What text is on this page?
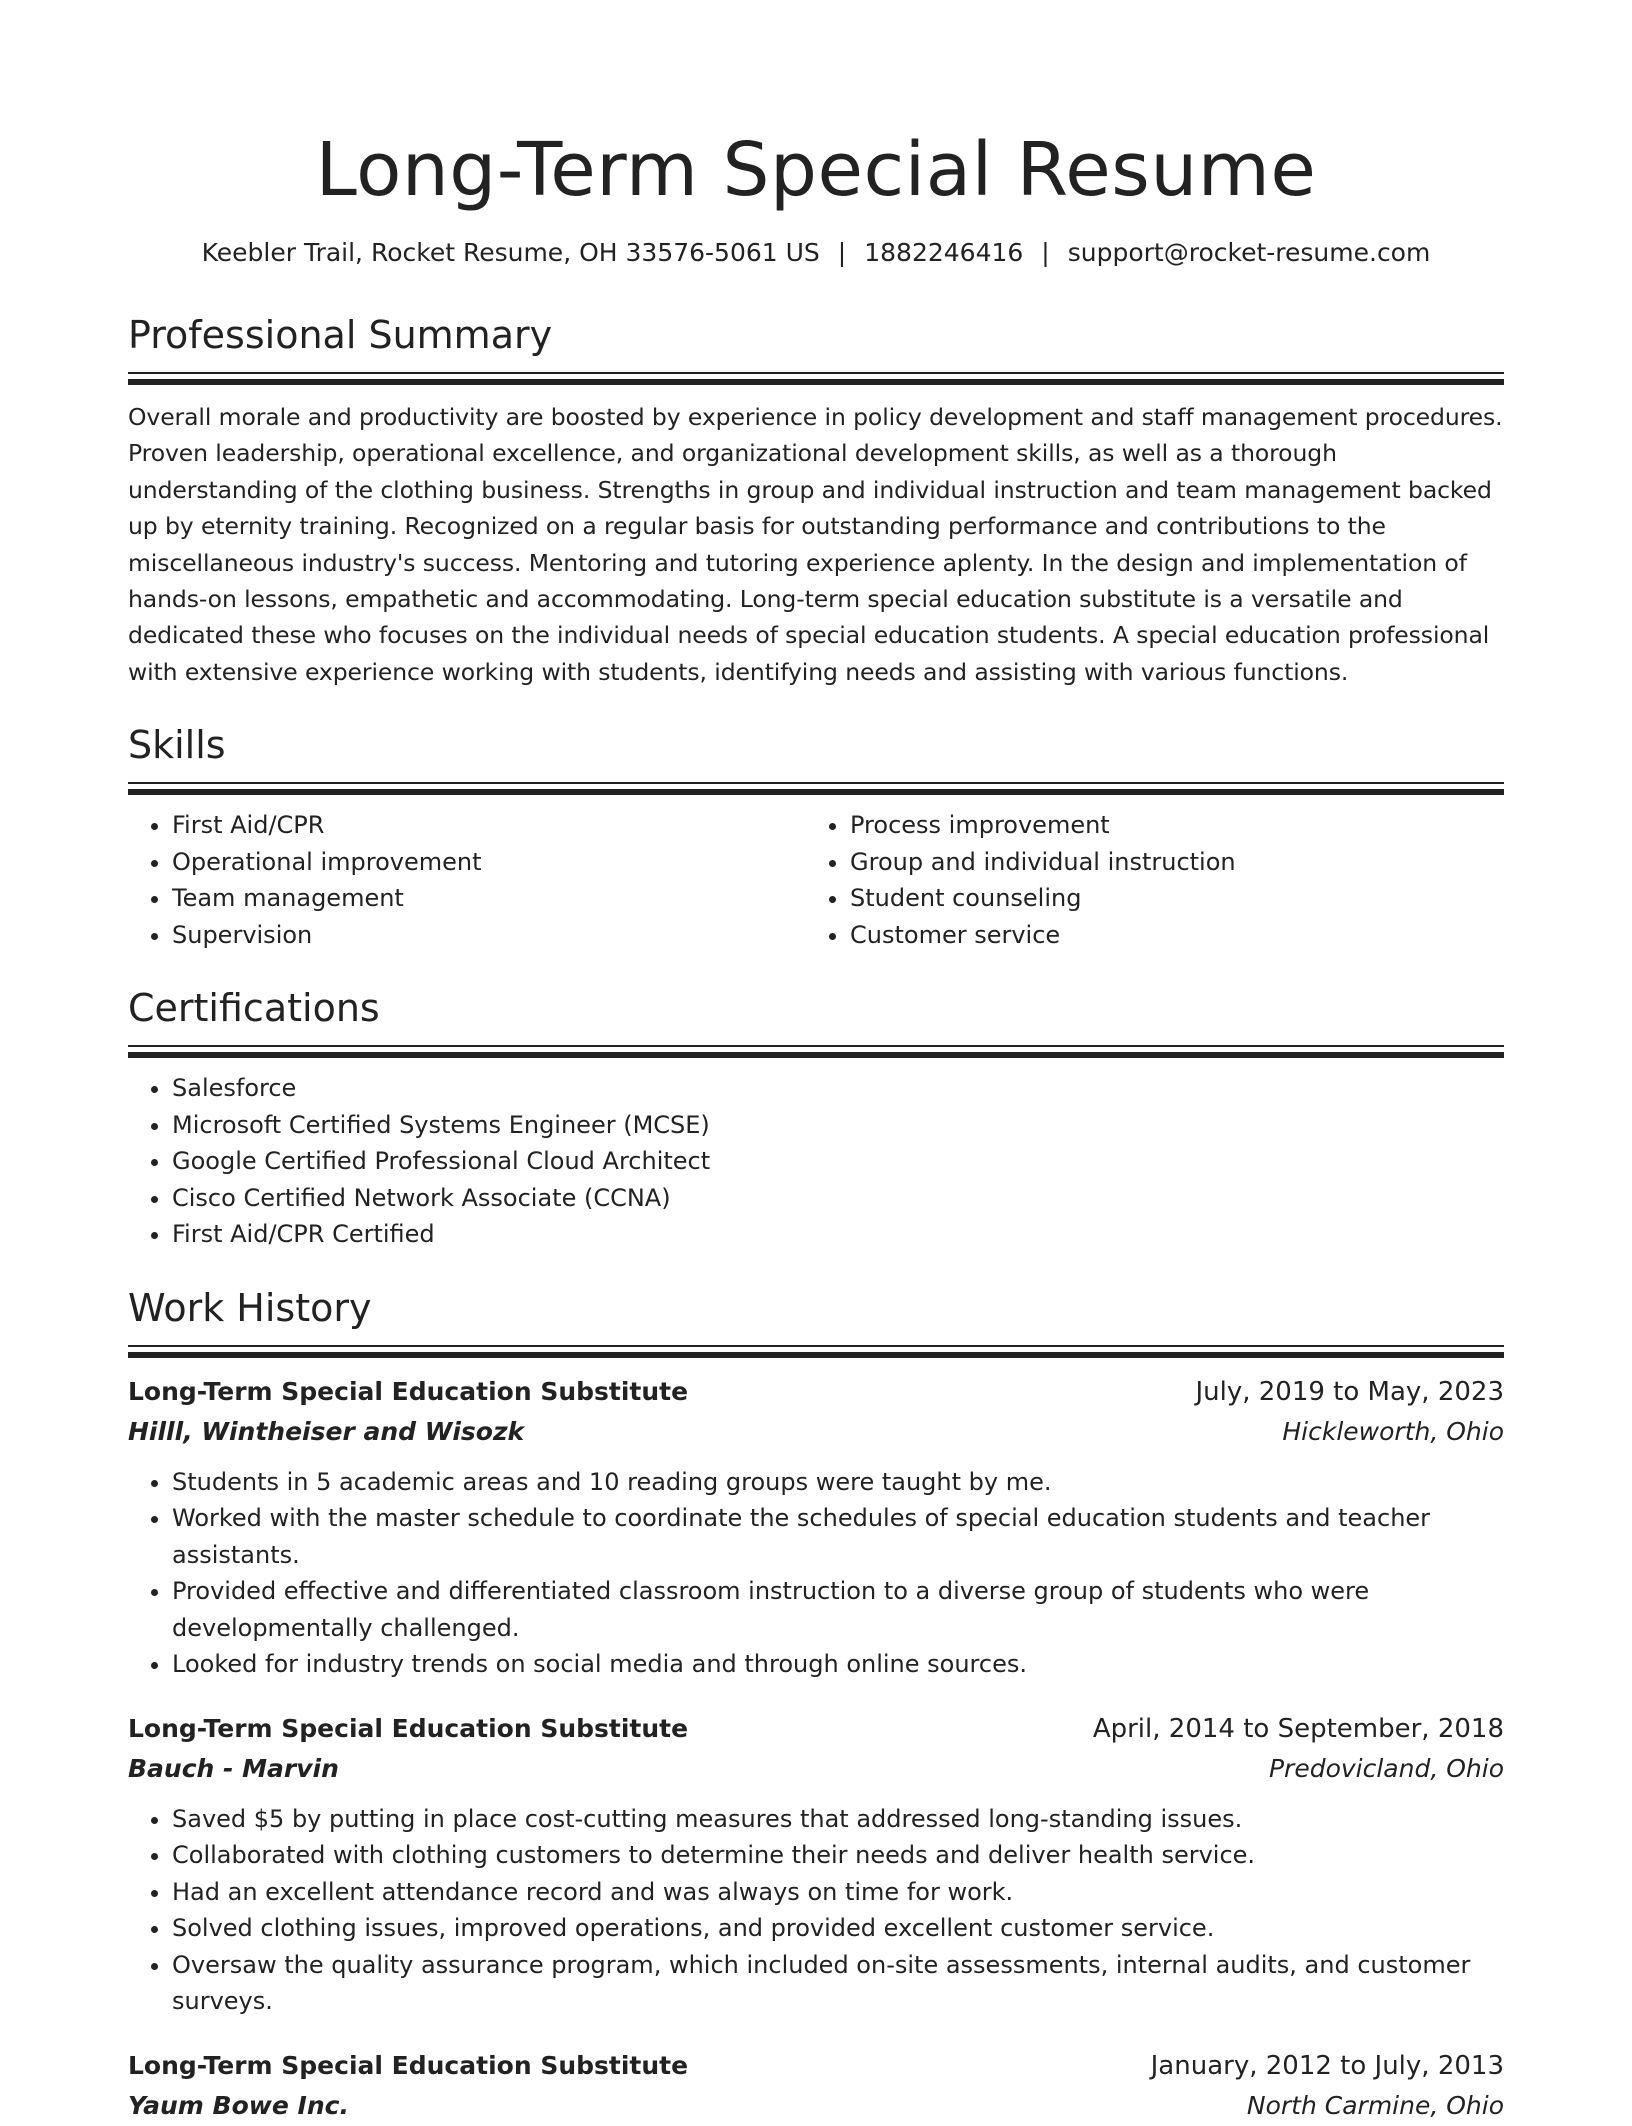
Long-Term Special Resume
Keebler Trail, Rocket Resume, OH 33576-5061 US | 1882246416 | support@rocket-resume.com
Professional Summary
Overall morale and productivity are boosted by experience in policy development and staff management procedures. Proven leadership, operational excellence, and organizational development skills, as well as a thorough understanding of the clothing business. Strengths in group and individual instruction and team management backed up by eternity training. Recognized on a regular basis for outstanding performance and contributions to the miscellaneous industry's success. Mentoring and tutoring experience aplenty. In the design and implementation of hands-on lessons, empathetic and accommodating. Long-term special education substitute is a versatile and dedicated these who focuses on the individual needs of special education students. A special education professional with extensive experience working with students, identifying needs and assisting with various functions.
Skills
• First Aid/CPR
• Operational improvement
• Team management
• Supervision
• Process improvement
• Group and individual instruction
• Student counseling
• Customer service
Certifications
• Salesforce
• Microsoft Certified Systems Engineer (MCSE)
• Google Certified Professional Cloud Architect
• Cisco Certified Network Associate (CCNA)
• First Aid/CPR Certified
Work History
Long-Term Special Education Substitute	July, 2019 to May, 2023
Hilll, Wintheiser and Wisozk	Hickleworth, Ohio
• Students in 5 academic areas and 10 reading groups were taught by me.
• Worked with the master schedule to coordinate the schedules of special education students and teacher assistants.
• Provided effective and differentiated classroom instruction to a diverse group of students who were developmentally challenged.
• Looked for industry trends on social media and through online sources.
Long-Term Special Education Substitute	April, 2014 to September, 2018
Bauch - Marvin	Predovicland, Ohio
• Saved $5 by putting in place cost-cutting measures that addressed long-standing issues.
• Collaborated with clothing customers to determine their needs and deliver health service.
• Had an excellent attendance record and was always on time for work.
• Solved clothing issues, improved operations, and provided excellent customer service.
• Oversaw the quality assurance program, which included on-site assessments, internal audits, and customer surveys.
Long-Term Special Education Substitute	January, 2012 to July, 2013
Yaum Bowe Inc.	North Carmine, Ohio
